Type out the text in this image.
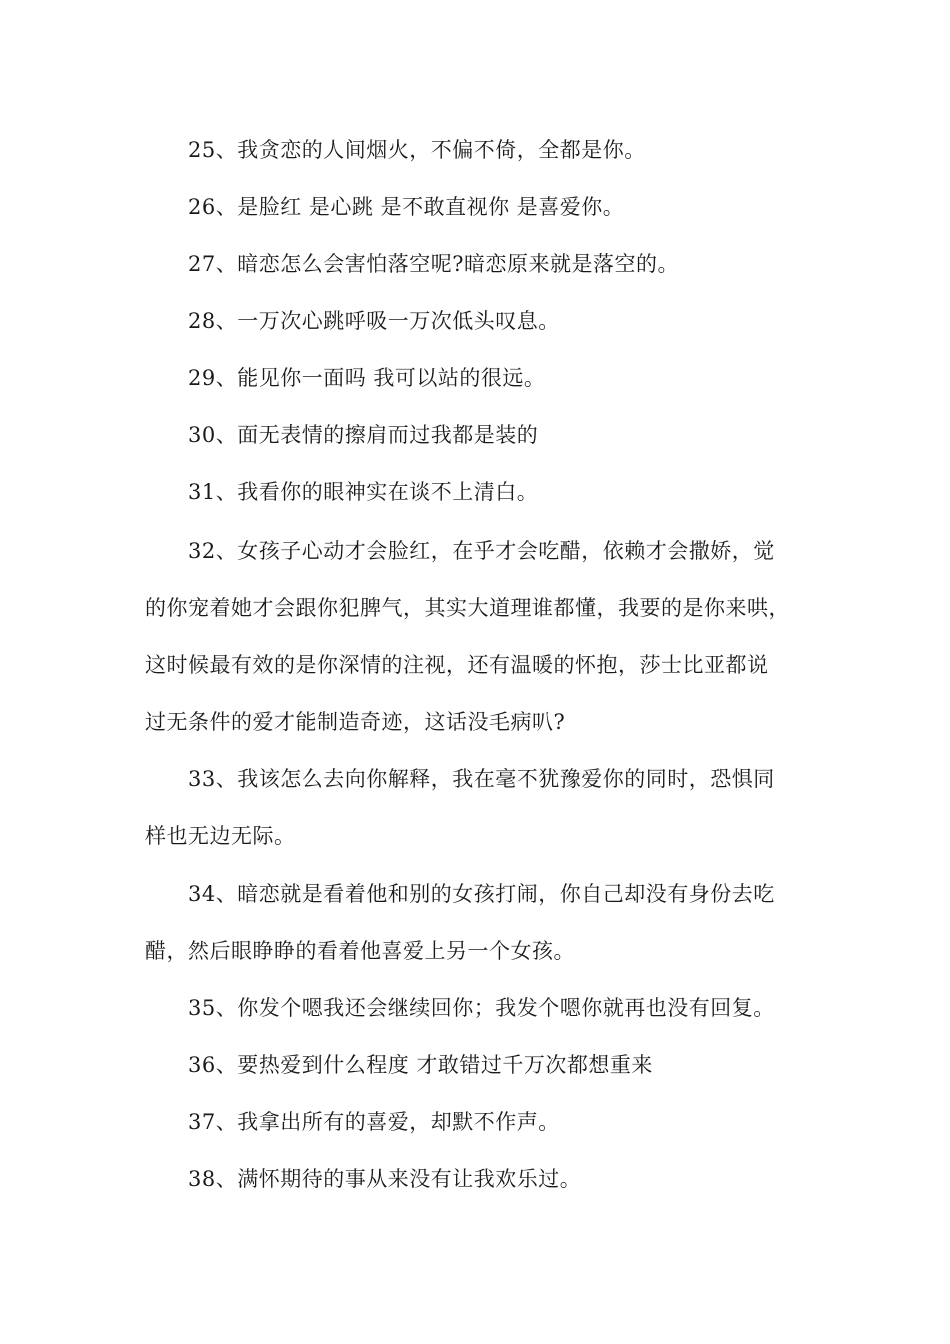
25、我贪恋的人间烟火，不偏不倚，全都是你。
26、是脸红 是心跳 是不敢直视你 是喜爱你。
27、暗恋怎么会害怕落空呢?暗恋原来就是落空的。
28、一万次心跳呼吸一万次低头叹息。
29、能见你一面吗 我可以站的很远。
30、面无表情的擦肩而过我都是装的
31、我看你的眼神实在谈不上清白。
32、女孩子心动才会脸红，在乎才会吃醋，依赖才会撒娇，觉
的你宠着她才会跟你犯脾气，其实大道理谁都懂，我要的是你来哄，
这时候最有效的是你深情的注视，还有温暖的怀抱，莎士比亚都说
过无条件的爱才能制造奇迹，这话没毛病叭?
33、我该怎么去向你解释，我在毫不犹豫爱你的同时，恐惧同
样也无边无际。
34、暗恋就是看着他和别的女孩打闹，你自己却没有身份去吃
醋，然后眼睁睁的看着他喜爱上另一个女孩。
35、你发个嗯我还会继续回你；我发个嗯你就再也没有回复。
36、要热爱到什么程度 才敢错过千万次都想重来
37、我拿出所有的喜爱，却默不作声。
38、满怀期待的事从来没有让我欢乐过。
